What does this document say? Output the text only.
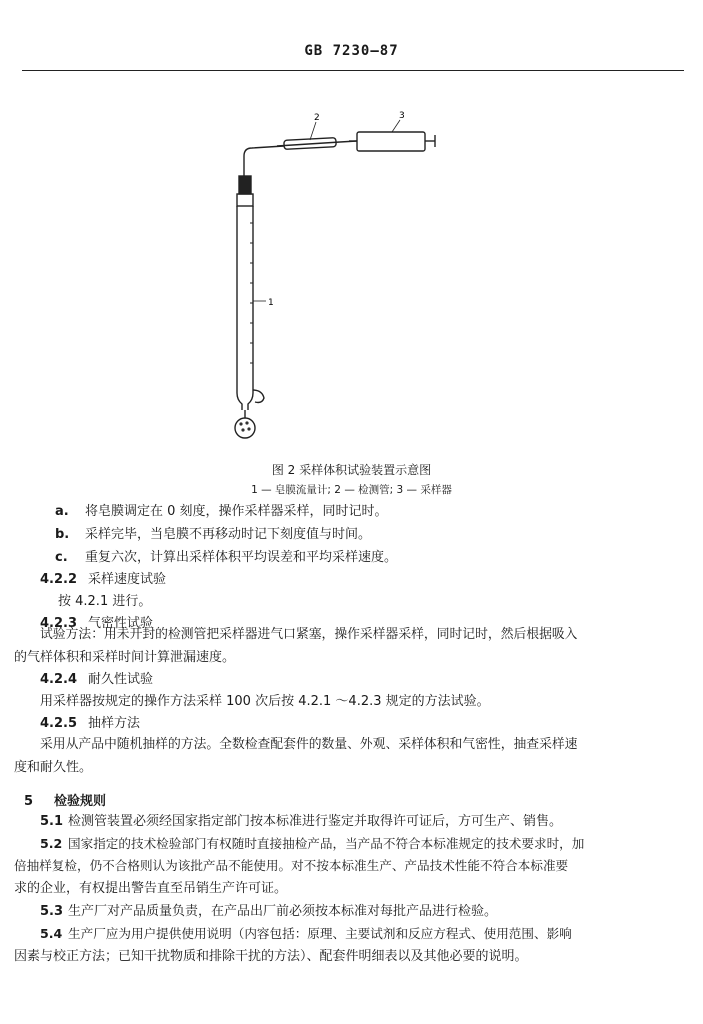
GB 7230—87
1
2	3
图 2 采样体积试验装置示意图
1 — 皂膜流量计; 2 — 检测管; 3 — 采样器
a. 将皂膜调定在 0 刻度，操作采样器采样，同时记时。
b. 采样完毕，当皂膜不再移动时记下刻度值与时间。
c. 重复六次，计算出采样体积平均误差和平均采样速度。
4.2.2 采样速度试验
按 4.2.1 进行。
4.2.3 气密性试验
试验方法：用未开封的检测管把采样器进气口紧塞，操作采样器采样，同时记时，然后根据吸入
的气样体积和采样时间计算泄漏速度。
4.2.4 耐久性试验
用采样器按规定的操作方法采样 100 次后按 4.2.1 ～4.2.3 规定的方法试验。
4.2.5 抽样方法
采用从产品中随机抽样的方法。全数检查配套件的数量、外观、采样体积和气密性，抽查采样速
度和耐久性。
5 检验规则
5.1 检测管装置必须经国家指定部门按本标准进行鉴定并取得许可证后，方可生产、销售。
5.2 国家指定的技术检验部门有权随时直接抽检产品，当产品不符合本标准规定的技术要求时，加
倍抽样复检，仍不合格则认为该批产品不能使用。对不按本标准生产、产品技术性能不符合本标准要
求的企业，有权提出警告直至吊销生产许可证。
5.3 生产厂对产品质量负责，在产品出厂前必须按本标准对每批产品进行检验。
5.4 生产厂应为用户提供使用说明（内容包括：原理、主要试剂和反应方程式、使用范围、影响
因素与校正方法；已知干扰物质和排除干扰的方法）、配套件明细表以及其他必要的说明。
